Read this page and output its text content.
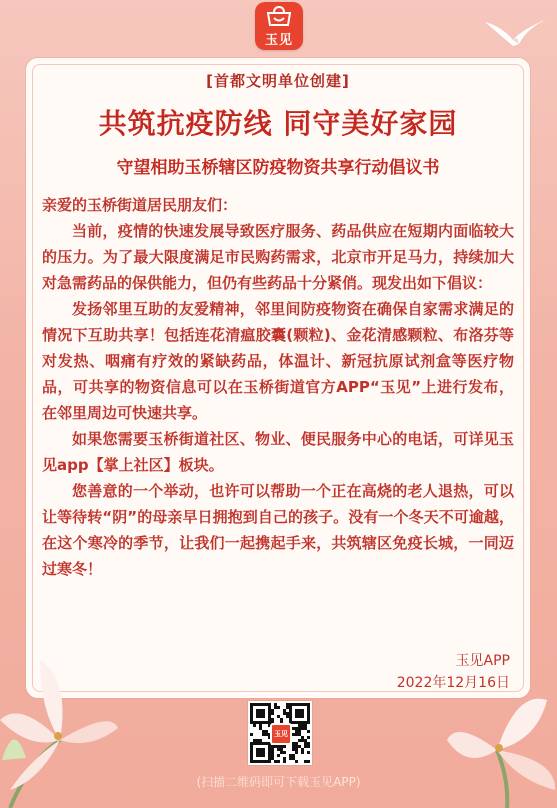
玉见
[首都文明单位创建]
共筑抗疫防线 同守美好家园
守望相助玉桥辖区防疫物资共享行动倡议书

亲爱的玉桥街道居民朋友们：

当前，疫情的快速发展导致医疗服务、药品供应在短期内面临较大的压力。为了最大限度满足市民购药需求，北京市开足马力，持续加大对急需药品的保供能力，但仍有些药品十分紧俏。现发出如下倡议：

发扬邻里互助的友爱精神，邻里间防疫物资在确保自家需求满足的情况下互助共享！包括连花清瘟胶囊(颗粒)、金花清感颗粒、布洛芬等对发热、咽痛有疗效的紧缺药品，体温计、新冠抗原试剂盒等医疗物品，可共享的物资信息可以在玉桥街道官方APP“玉见”上进行发布，在邻里周边可快速共享。

如果您需要玉桥街道社区、物业、便民服务中心的电话，可详见玉见app【掌上社区】板块。

您善意的一个举动，也许可以帮助一个正在高烧的老人退热，可以让等待转“阴”的母亲早日拥抱到自己的孩子。没有一个冬天不可逾越，在这个寒冷的季节，让我们一起携起手来，共筑辖区免疫长城，一同迈过寒冬！

玉见APP
2022年12月16日
玉见
(扫描二维码即可下载玉见APP)
